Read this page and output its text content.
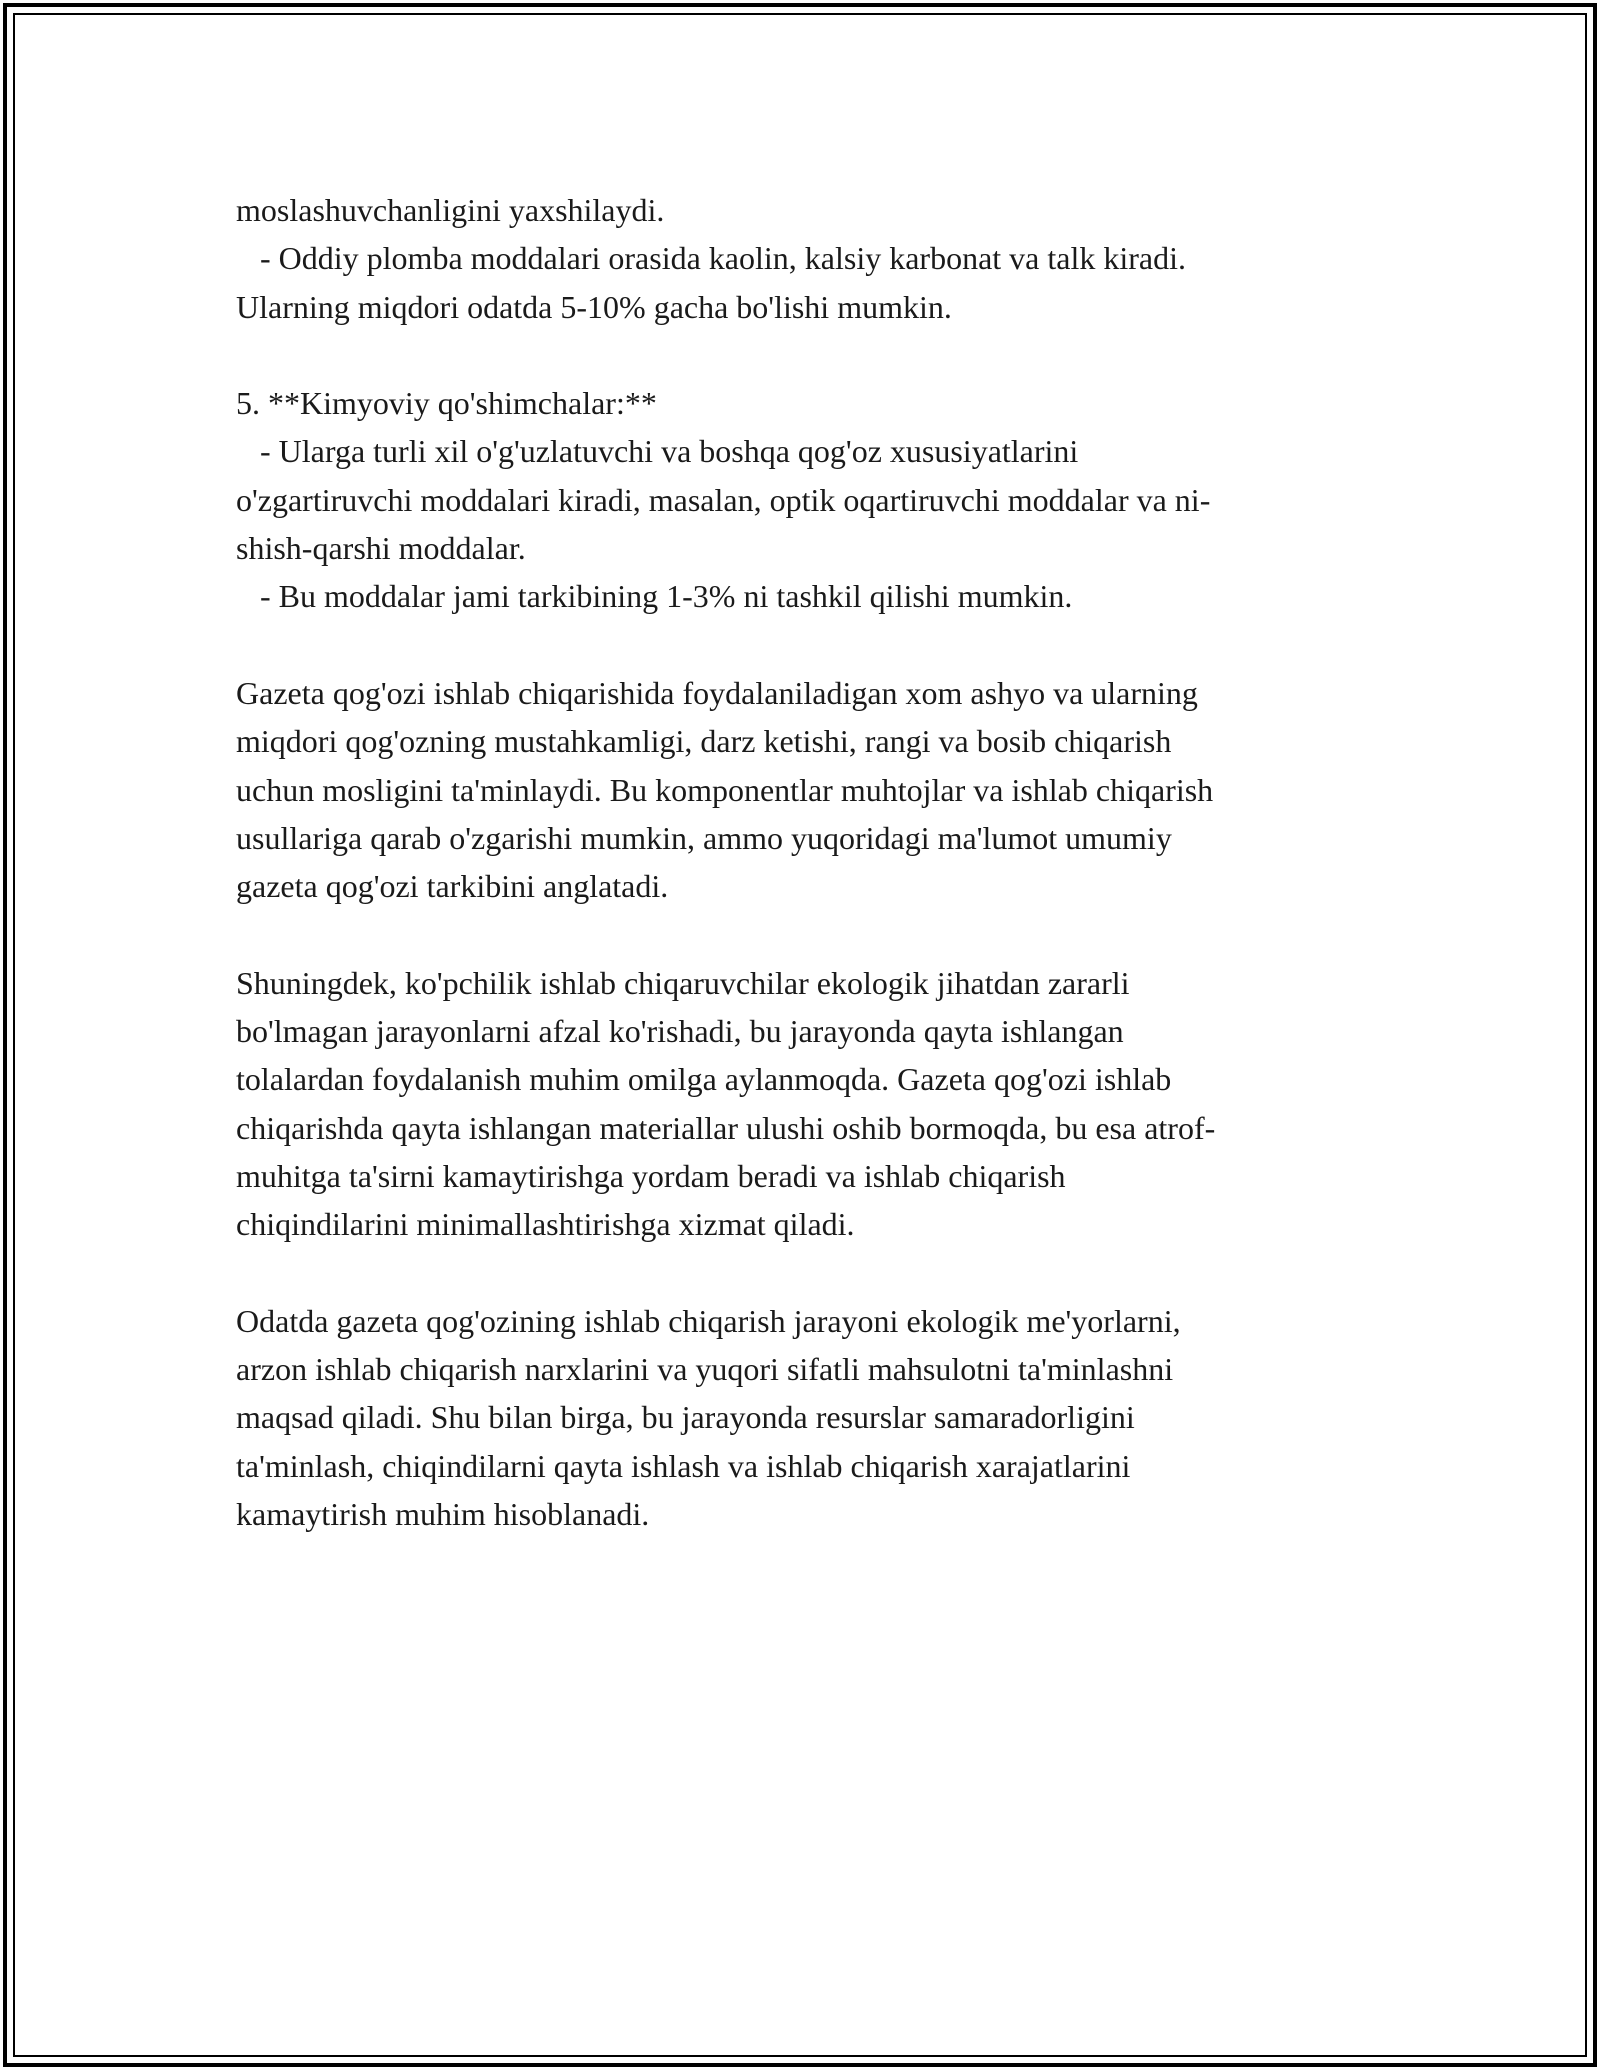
moslashuvchanligini yaxshilaydi.
- Oddiy plomba moddalari orasida kaolin, kalsiy karbonat va talk kiradi.
Ularning miqdori odatda 5-10% gacha bo'lishi mumkin.
5. **Kimyoviy qo'shimchalar:**
- Ularga turli xil o'g'uzlatuvchi va boshqa qog'oz xususiyatlarini
o'zgartiruvchi moddalari kiradi, masalan, optik oqartiruvchi moddalar va ni-
shish-qarshi moddalar.
- Bu moddalar jami tarkibining 1-3% ni tashkil qilishi mumkin.
Gazeta qog'ozi ishlab chiqarishida foydalaniladigan xom ashyo va ularning
miqdori qog'ozning mustahkamligi, darz ketishi, rangi va bosib chiqarish
uchun mosligini ta'minlaydi. Bu komponentlar muhtojlar va ishlab chiqarish
usullariga qarab o'zgarishi mumkin, ammo yuqoridagi ma'lumot umumiy
gazeta qog'ozi tarkibini anglatadi.
Shuningdek, ko'pchilik ishlab chiqaruvchilar ekologik jihatdan zararli
bo'lmagan jarayonlarni afzal ko'rishadi, bu jarayonda qayta ishlangan
tolalardan foydalanish muhim omilga aylanmoqda. Gazeta qog'ozi ishlab
chiqarishda qayta ishlangan materiallar ulushi oshib bormoqda, bu esa atrof-
muhitga ta'sirni kamaytirishga yordam beradi va ishlab chiqarish
chiqindilarini minimallashtirishga xizmat qiladi.
Odatda gazeta qog'ozining ishlab chiqarish jarayoni ekologik me'yorlarni,
arzon ishlab chiqarish narxlarini va yuqori sifatli mahsulotni ta'minlashni
maqsad qiladi. Shu bilan birga, bu jarayonda resurslar samaradorligini
ta'minlash, chiqindilarni qayta ishlash va ishlab chiqarish xarajatlarini
kamaytirish muhim hisoblanadi.
